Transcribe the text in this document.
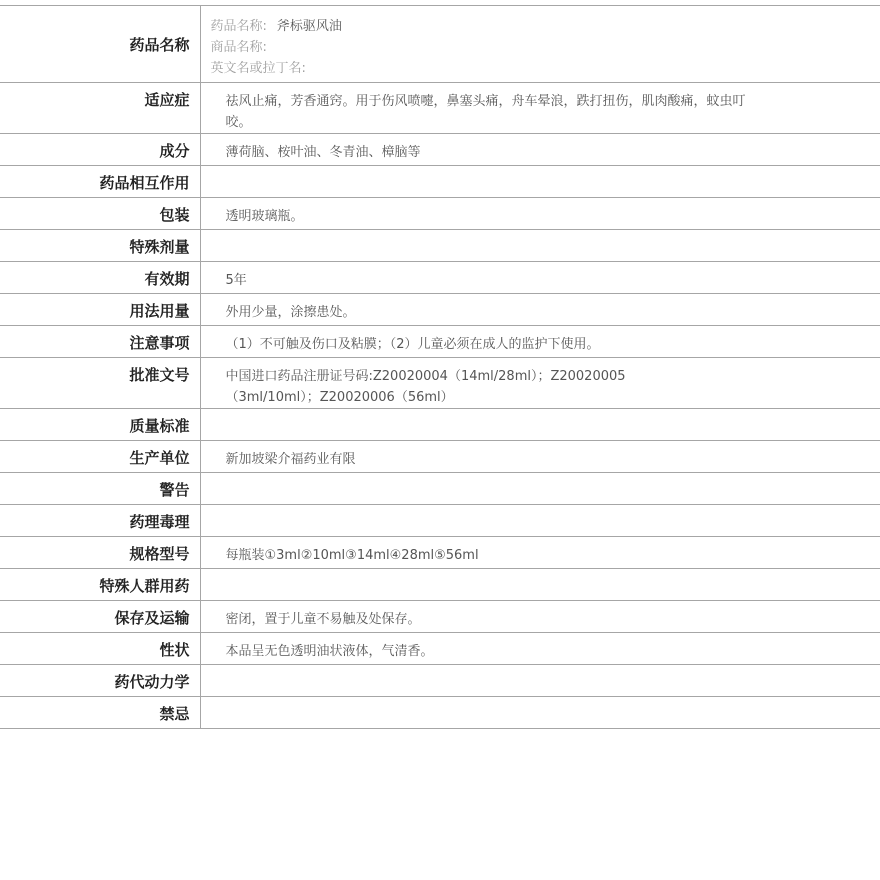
药品名称	药品名称: 斧标驱风油
商品名称:
英文名或拉丁名:

适应症	祛风止痛，芳香通窍。用于伤风喷嚏，鼻塞头痛，舟车晕浪，跌打扭伤，肌肉酸痛，蚊虫叮
咬。

成分	薄荷脑、桉叶油、冬青油、樟脑等

药品相互作用	

包装	透明玻璃瓶。

特殊剂量	

有效期	5年

用法用量	外用少量，涂擦患处。

注意事项	（1）不可触及伤口及粘膜；（2）儿童必须在成人的监护下使用。

批准文号	中国进口药品注册证号码:Z20020004（14ml/28ml）；Z20020005
（3ml/10ml）；Z20020006（56ml）

质量标准	

生产单位	新加坡梁介福药业有限

警告	

药理毒理	

规格型号	每瓶装①3ml②10ml③14ml④28ml⑤56ml

特殊人群用药	

保存及运输	密闭，置于儿童不易触及处保存。

性状	本品呈无色透明油状液体，气清香。

药代动力学	

禁忌	
